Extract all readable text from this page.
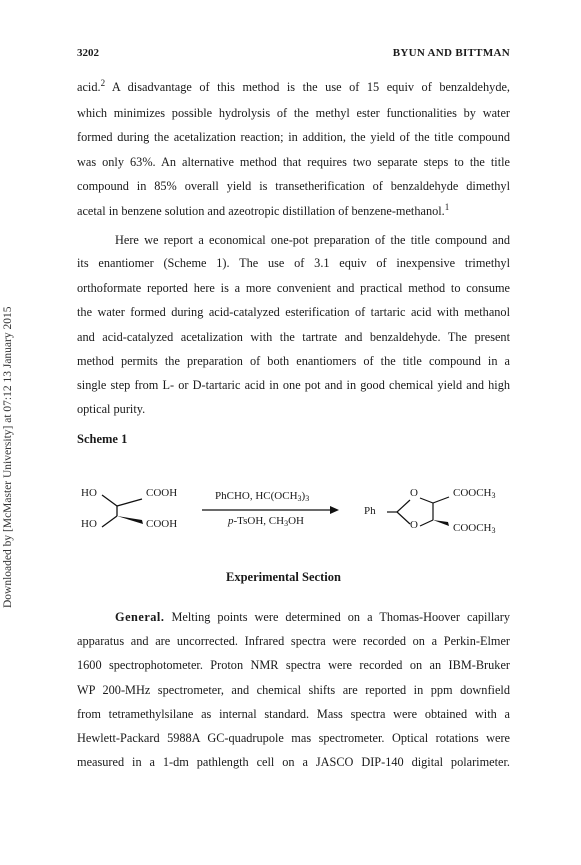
Downloaded by [McMaster University] at 07:12 13 January 2015
3202	BYUN AND BITTMAN
acid.$^2$ A disadvantage of this method is the use of 15 equiv of benzaldehyde,
which minimizes possible hydrolysis of the methyl ester functionalities by water
formed during the acetalization reaction; in addition, the yield of the title compound
was only 63%. An alternative method that requires two separate steps to the title
compound in 85% overall yield is transetherification of benzaldehyde dimethyl
acetal in benzene solution and azeotropic distillation of benzene-methanol.$^1$
Here we report a economical one-pot preparation of the title compound and
its enantiomer (Scheme 1). The use of 3.1 equiv of inexpensive trimethyl
orthoformate reported here is a more convenient and practical method to consume
the water formed during acid-catalyzed esterification of tartaric acid with methanol
and acid-catalyzed acetalization with the tartrate and benzaldehyde. The present
method permits the preparation of both enantiomers of the title compound in a
single step from L- or D-tartaric acid in one pot and in good chemical yield and high
optical purity.
Scheme 1
HO
HO
COOH
COOH
PhCHO, HC(OCH3)3
p-TsOH, CH3OH
Ph
O
O
COOCH3
COOCH3
Experimental Section
General. Melting points were determined on a Thomas-Hoover capillary
apparatus and are uncorrected. Infrared spectra were recorded on a Perkin-Elmer
1600 spectrophotometer. Proton NMR spectra were recorded on an IBM-Bruker
WP 200-MHz spectrometer, and chemical shifts are reported in ppm downfield
from tetramethylsilane as internal standard. Mass spectra were obtained with a
Hewlett-Packard 5988A GC-quadrupole mas spectrometer. Optical rotations were
measured in a 1-dm pathlength cell on a JASCO DIP-140 digital polarimeter.
